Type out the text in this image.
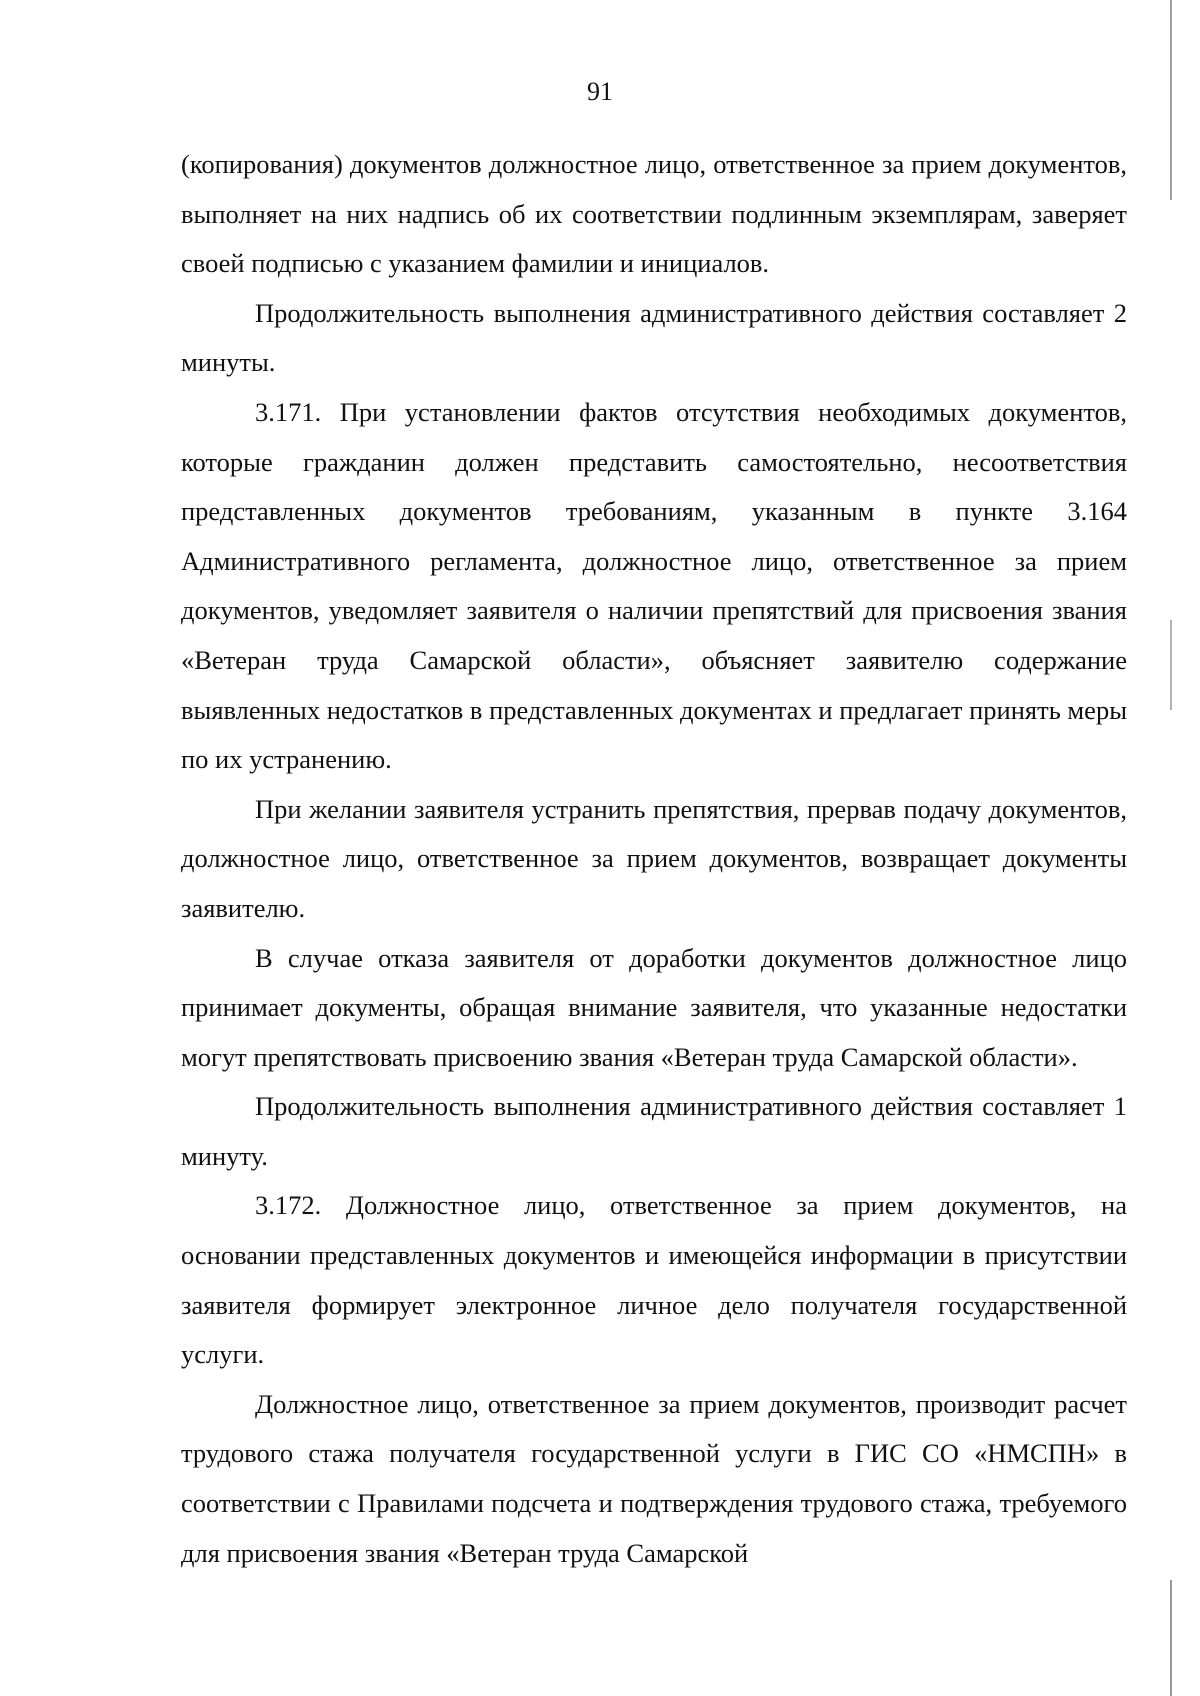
91

(копирования) документов должностное лицо, ответственное за прием документов, выполняет на них надпись об их соответствии подлинным экземплярам, заверяет своей подписью с указанием фамилии и инициалов.

Продолжительность выполнения административного действия составляет 2 минуты.

3.171. При установлении фактов отсутствия необходимых документов, которые гражданин должен представить самостоятельно, несоответствия представленных документов требованиям, указанным в пункте 3.164 Административного регламента, должностное лицо, ответственное за прием документов, уведомляет заявителя о наличии препятствий для присвоения звания «Ветеран труда Самарской области», объясняет заявителю содержание выявленных недостатков в представленных документах и предлагает принять меры по их устранению.

При желании заявителя устранить препятствия, прервав подачу документов, должностное лицо, ответственное за прием документов, возвращает документы заявителю.

В случае отказа заявителя от доработки документов должностное лицо принимает документы, обращая внимание заявителя, что указанные недостатки могут препятствовать присвоению звания «Ветеран труда Самарской области».

Продолжительность выполнения административного действия составляет 1 минуту.

3.172. Должностное лицо, ответственное за прием документов, на основании представленных документов и имеющейся информации в присутствии заявителя формирует электронное личное дело получателя государственной услуги.

Должностное лицо, ответственное за прием документов, производит расчет трудового стажа получателя государственной услуги в ГИС СО «НМСПН» в соответствии с Правилами подсчета и подтверждения трудового стажа, требуемого для присвоения звания «Ветеран труда Самарской
